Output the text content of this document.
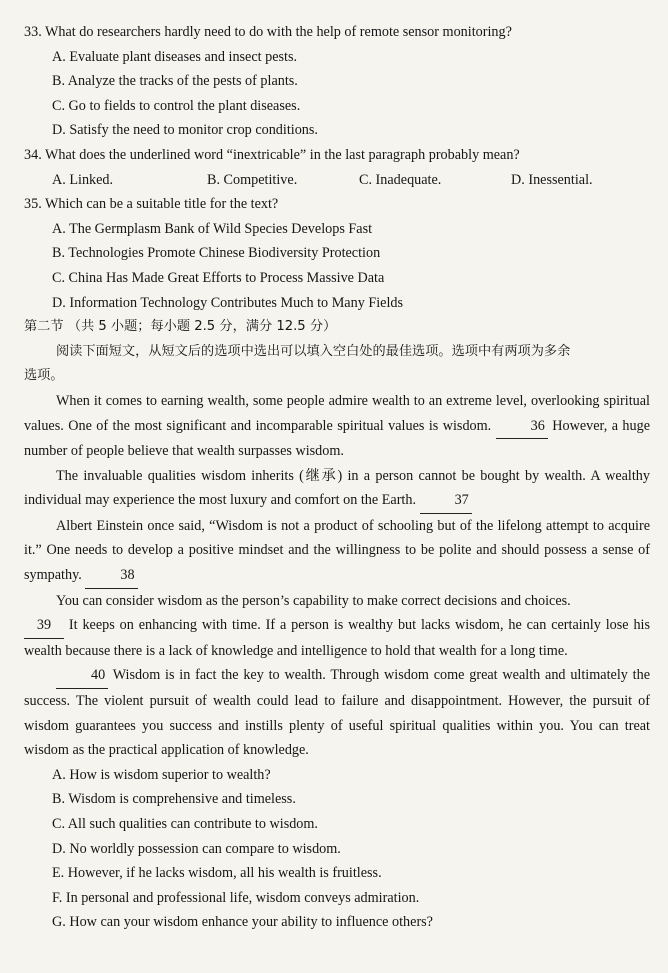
33. What do researchers hardly need to do with the help of remote sensor monitoring?
A. Evaluate plant diseases and insect pests.
B. Analyze the tracks of the pests of plants.
C. Go to fields to control the plant diseases.
D. Satisfy the need to monitor crop conditions.
34. What does the underlined word “inextricable” in the last paragraph probably mean?
A. Linked.	B. Competitive.	C. Inadequate.	D. Inessential.
35. Which can be a suitable title for the text?
A. The Germplasm Bank of Wild Species Develops Fast
B. Technologies Promote Chinese Biodiversity Protection
C. China Has Made Great Efforts to Process Massive Data
D. Information Technology Contributes Much to Many Fields
第二节 （共 5 小题；每小题 2.5 分，满分 12.5 分）
阅读下面短文，从短文后的选项中选出可以填入空白处的最佳选项。选项中有两项为多余
选项。
When it comes to earning wealth, some people admire wealth to an extreme level, overlooking spiritual values. One of the most significant and incomparable spiritual values is wisdom.	36 However, a huge number of people believe that wealth surpasses wisdom.
The invaluable qualities wisdom inherits (继承) in a person cannot be bought by wealth. A wealthy individual may experience the most luxury and comfort on the Earth.	37
Albert Einstein once said, “Wisdom is not a product of schooling but of the lifelong attempt to acquire it.” One needs to develop a positive mindset and the willingness to be polite and should possess a sense of sympathy.	38
You can consider wisdom as the person’s capability to make correct decisions and choices.
39 It keeps on enhancing with time. If a person is wealthy but lacks wisdom, he can certainly lose his wealth because there is a lack of knowledge and intelligence to hold that wealth for a long time.
40 Wisdom is in fact the key to wealth. Through wisdom come great wealth and ultimately the success. The violent pursuit of wealth could lead to failure and disappointment. However, the pursuit of wisdom guarantees you success and instills plenty of useful spiritual qualities within you. You can treat wisdom as the practical application of knowledge.
A. How is wisdom superior to wealth?
B. Wisdom is comprehensive and timeless.
C. All such qualities can contribute to wisdom.
D. No worldly possession can compare to wisdom.
E. However, if he lacks wisdom, all his wealth is fruitless.
F. In personal and professional life, wisdom conveys admiration.
G. How can your wisdom enhance your ability to influence others?
